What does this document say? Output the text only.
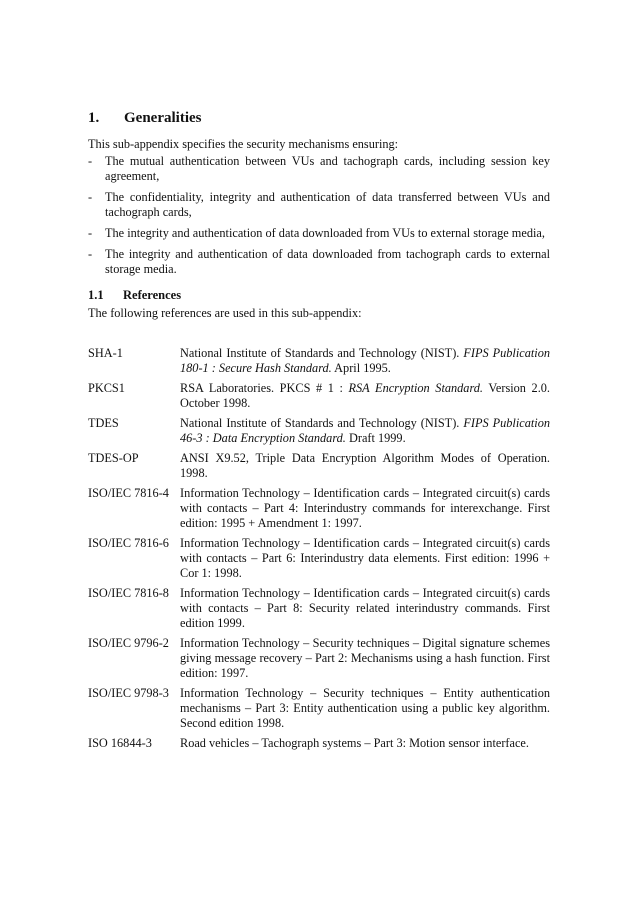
1. Generalities
This sub-appendix specifies the security mechanisms ensuring:
- The mutual authentication between VUs and tachograph cards, including session key agreement,
- The confidentiality, integrity and authentication of data transferred between VUs and tachograph cards,
- The integrity and authentication of data downloaded from VUs to external storage media,
- The integrity and authentication of data downloaded from tachograph cards to external storage media.
1.1 References
The following references are used in this sub-appendix:
SHA-1	National Institute of Standards and Technology (NIST). FIPS Publication 180-1 : Secure Hash Standard. April 1995.
PKCS1	RSA Laboratories. PKCS # 1 : RSA Encryption Standard. Version 2.0. October 1998.
TDES	National Institute of Standards and Technology (NIST). FIPS Publication 46-3 : Data Encryption Standard. Draft 1999.
TDES-OP	ANSI X9.52, Triple Data Encryption Algorithm Modes of Operation. 1998.
ISO/IEC 7816-4 Information Technology – Identification cards – Integrated circuit(s) cards with contacts – Part 4: Interindustry commands for interexchange. First edition: 1995 + Amendment 1: 1997.
ISO/IEC 7816-6 Information Technology – Identification cards – Integrated circuit(s) cards with contacts – Part 6: Interindustry data elements. First edition: 1996 + Cor 1: 1998.
ISO/IEC 7816-8 Information Technology – Identification cards – Integrated circuit(s) cards with contacts – Part 8: Security related interindustry commands. First edition 1999.
ISO/IEC 9796-2 Information Technology – Security techniques – Digital signature schemes giving message recovery – Part 2: Mechanisms using a hash function. First edition: 1997.
ISO/IEC 9798-3 Information Technology – Security techniques – Entity authentication mechanisms – Part 3: Entity authentication using a public key algorithm. Second edition 1998.
ISO 16844-3	Road vehicles – Tachograph systems – Part 3: Motion sensor interface.
